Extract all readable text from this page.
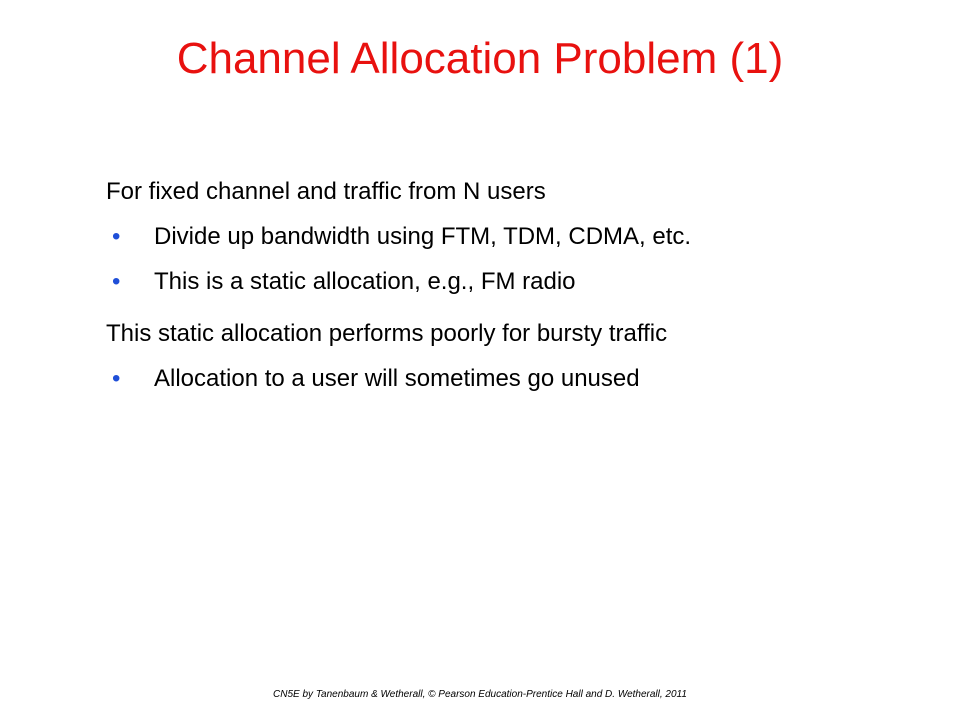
Channel Allocation Problem (1)

For fixed channel and traffic from N users

• Divide up bandwidth using FTM, TDM, CDMA, etc.

• This is a static allocation, e.g., FM radio

This static allocation performs poorly for bursty traffic

• Allocation to a user will sometimes go unused

CN5E by Tanenbaum & Wetherall, © Pearson Education-Prentice Hall and D. Wetherall, 2011
